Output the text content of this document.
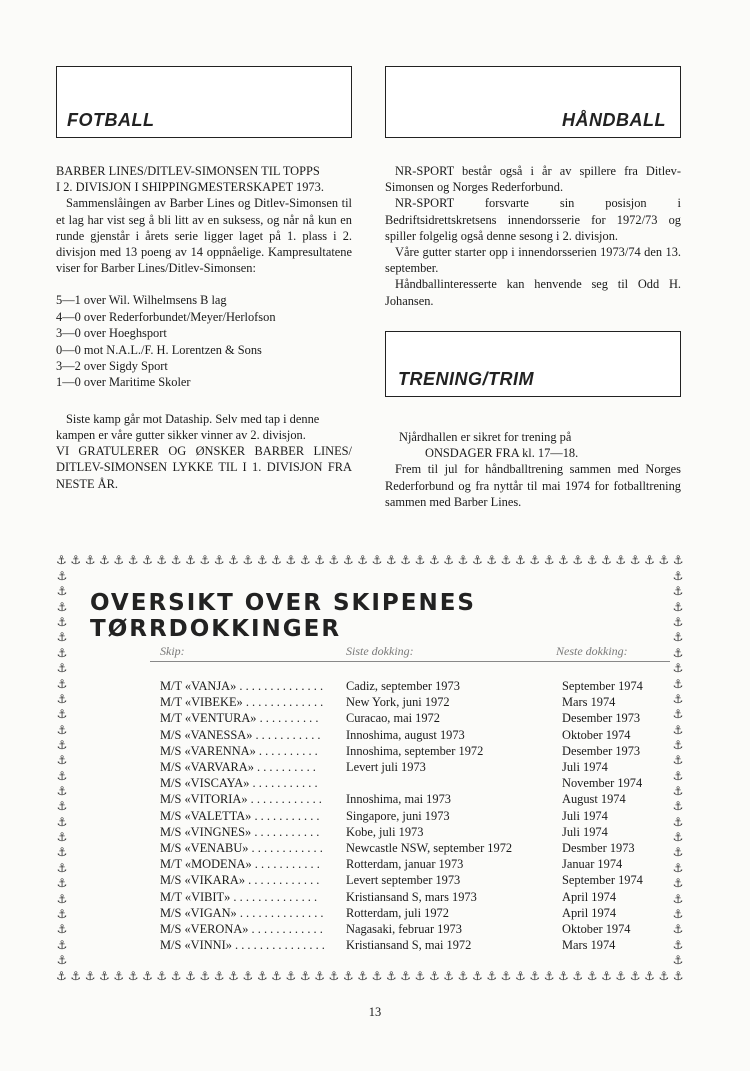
FOTBALL	HÅNDBALL

BARBER LINES/DITLEV-SIMONSEN TIL TOPPS

I 2. DIVISJON I SHIPPINGMESTERSKAPET 1973.

Sammenslåingen av Barber Lines og Ditlev-Simonsen til et lag har vist seg å bli litt av en suksess, og når nå kun en runde gjenstår i årets serie ligger laget på 1. plass i 2. divisjon med 13 poeng av 14 oppnåelige. Kampresultatene viser for Barber Lines/Ditlev-Simonsen:

5—1 over Wil. Wilhelmsens B lag
4—0 over Rederforbundet/Meyer/Herlofson
3—0 over Hoeghsport
0—0 mot N.A.L./F. H. Lorentzen & Sons
3—2 over Sigdy Sport
1—0 over Maritime Skoler

Siste kamp går mot Dataship. Selv med tap i denne kampen er våre gutter sikker vinner av 2. divisjon.

VI GRATULERER OG ØNSKER BARBER LINES/ DITLEV-SIMONSEN LYKKE TIL I 1. DIVISJON FRA NESTE ÅR.

NR-SPORT består også i år av spillere fra Ditlev-Simonsen og Norges Rederforbund.

NR-SPORT forsvarte sin posisjon i Bedriftsidrettskretsens innendorsserie for 1972/73 og spiller folgelig også denne sesong i 2. divisjon.

Våre gutter starter opp i innendorsserien 1973/74 den 13. september.

Håndballinteresserte kan henvende seg til Odd H. Johansen.

TRENING/TRIM

Njårdhallen er sikret for trening på

ONSDAGER FRA kl. 17—18.

Frem til jul for håndballtrening sammen med Norges Rederforbund og fra nyttår til mai 1974 for fotballtrening sammen med Barber Lines.

⚓ ⚓ ⚓ ⚓ ⚓ ⚓ ⚓ ⚓ ⚓ ⚓ ⚓ ⚓ ⚓ ⚓ ⚓ ⚓ ⚓ ⚓ ⚓ ⚓ ⚓ ⚓ ⚓ ⚓ ⚓ ⚓ ⚓ ⚓ ⚓ ⚓ ⚓ ⚓ ⚓ ⚓ ⚓ ⚓ ⚓ ⚓ ⚓ ⚓ ⚓ ⚓ ⚓ ⚓
⚓ ⚓ ⚓ ⚓ ⚓ ⚓ ⚓ ⚓ ⚓ ⚓ ⚓ ⚓ ⚓ ⚓ ⚓ ⚓ ⚓ ⚓ ⚓ ⚓ ⚓ ⚓ ⚓ ⚓ ⚓ ⚓ ⚓ ⚓ ⚓ ⚓ ⚓ ⚓ ⚓ ⚓ ⚓ ⚓ ⚓ ⚓ ⚓ ⚓ ⚓ ⚓ ⚓ ⚓
⚓
⚓
⚓
⚓
⚓
⚓
⚓
⚓
⚓
⚓
⚓
⚓
⚓
⚓
⚓
⚓
⚓
⚓
⚓
⚓
⚓
⚓
⚓
⚓
⚓
⚓
⚓
⚓
⚓
⚓
⚓
⚓
⚓
⚓
⚓
⚓
⚓
⚓
⚓
⚓
⚓
⚓
⚓
⚓
⚓
⚓
⚓
⚓
⚓
⚓
⚓
⚓
OVERSIKT OVER SKIPENES TØRRDOKKINGER
Skip:	Siste dokking:	Neste dokking:
M/T «VANJA» . . . . . . . . . . . . . . Cadiz, september 1973	September 1974
M/T «VIBEKE» . . . . . . . . . . . . . New York, juni 1972	Mars 1974
M/T «VENTURA» . . . . . . . . . . Curacao, mai 1972	Desember 1973
M/S «VANESSA» . . . . . . . . . . . Innoshima, august 1973	Oktober 1974
M/S «VARENNA» . . . . . . . . . . Innoshima, september 1972	Desember 1973
M/S «VARVARA» . . . . . . . . . . Levert juli 1973	Juli 1974
M/S «VISCAYA» . . . . . . . . . . .	November 1974
M/S «VITORIA» . . . . . . . . . . . . Innoshima, mai 1973	August 1974
M/S «VALETTA» . . . . . . . . . . . Singapore, juni 1973	Juli 1974
M/S «VINGNES» . . . . . . . . . . . Kobe, juli 1973	Juli 1974
M/S «VENABU» . . . . . . . . . . . . Newcastle NSW, september 1972	Desmber 1973
M/T «MODENA» . . . . . . . . . . . Rotterdam, januar 1973	Januar 1974
M/S «VIKARA» . . . . . . . . . . . . Levert september 1973	September 1974
M/T «VIBIT» . . . . . . . . . . . . . . Kristiansand S, mars 1973	April 1974
M/S «VIGAN» . . . . . . . . . . . . . . Rotterdam, juli 1972	April 1974
M/S «VERONA» . . . . . . . . . . . . Nagasaki, februar 1973	Oktober 1974
M/S «VINNI» . . . . . . . . . . . . . . . Kristiansand S, mai 1972	Mars 1974
13
